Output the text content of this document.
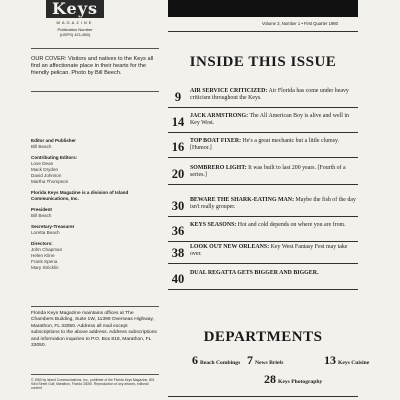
Keys
MAGAZINE
Publication Number
(USPS) 421-850)
OUR COVER: Visitors and natives to the Keys all find an affectionate place in their hearts for the friendly pelican. Photo by Bill Beech.
Editor and Publisher
Bill Beach
Contributing Editors:
Love Dean
Mack Dryden
David Johnson
Martha Thompson
Florida Keys Magazine is a division of Island Communications, Inc.
President
Bill Beach
Secretary-Treasurer
Loretta Beach
Directors:
John Chapman
Helen Kline
Frank Spena
Mary Stricklin
Florida Keys Magazine maintains offices at The Chambers Building, Suite 1W, 11399 Overseas Highway, Marathon, FL 33050. Address all mail except subscriptions to the above address. Address subscriptions and information inquiries to P.O. Box 818, Marathon, FL 33050.
© 1980 by Island Communications, Inc., publisher of the Florida Keys Magazine, 801 93rd Street Gulf, Marathon, Florida 33050. Reproduction of any artwork, editorial content
Volume 3, Number 1 • First Quarter 1980
INSIDE THIS ISSUE
9	AIR SERVICE CRITICIZED: Air Florida has come under heavy criticism throughout the Keys.
14 JACK ARMSTRONG: The All American Boy is alive and well in Key West.
16 TOP BOAT FIXER: He's a great mechanic but a little clumsy. [Humor.]
20 SOMBRERO LIGHT: It was built to last 200 years. [Fourth of a series.]
30 BEWARE THE SHARK-EATING MAN: Maybe the fish of the day isn't really grouper.
36 KEYS SEASONS: Hot and cold depends on where you are from.
38 LOOK OUT NEW ORLEANS: Key West Fantasy Fest may take over.
40 DUAL REGATTA GETS BIGGER AND BIGGER.
DEPARTMENTS
6 Beach Combings 7 News Briefs	13 Keys Cuisine
28 Keys Photography
